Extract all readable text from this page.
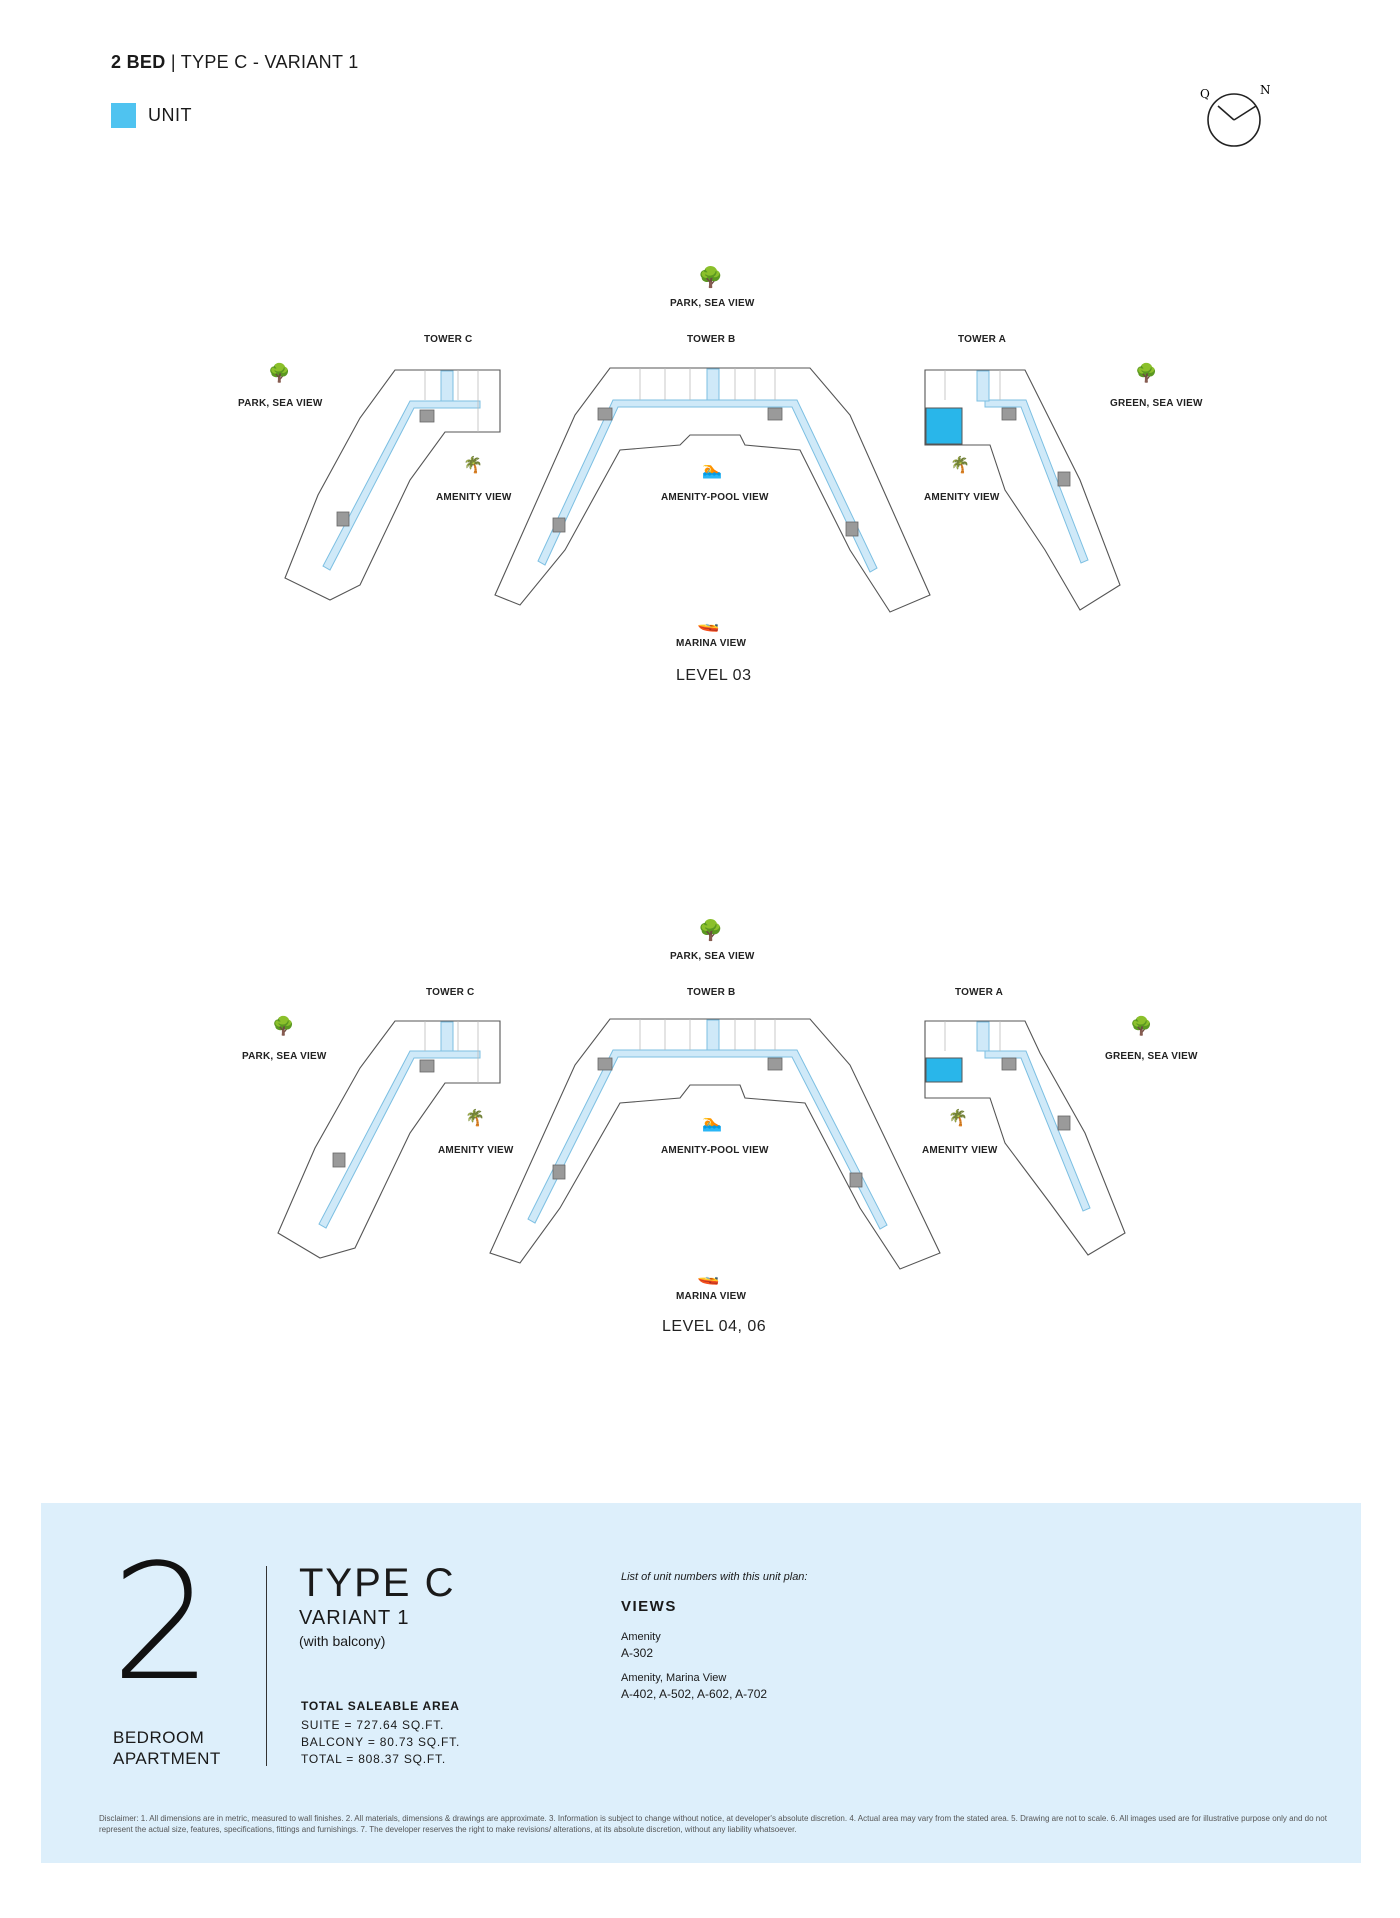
2 BED | TYPE C - VARIANT 1
UNIT
Q	N
TOWER C	TOWER B	TOWER A
🌳
PARK, SEA VIEW
🌳
PARK, SEA VIEW
🌳
GREEN, SEA VIEW
🌴
AMENITY VIEW
🏊
AMENITY-POOL VIEW
🌴
AMENITY VIEW
🚤
MARINA VIEW
LEVEL 03
TOWER C	TOWER B	TOWER A
🌳
PARK, SEA VIEW
🌳
PARK, SEA VIEW
🌳
GREEN, SEA VIEW
🌴
AMENITY VIEW
🏊
AMENITY-POOL VIEW
🌴
AMENITY VIEW
🚤
MARINA VIEW
LEVEL 04, 06
2
BEDROOM APARTMENT
TYPE C
VARIANT 1
(with balcony)
TOTAL SALEABLE AREA
SUITE = 727.64 SQ.FT.
BALCONY = 80.73 SQ.FT.
TOTAL = 808.37 SQ.FT.
List of unit numbers with this unit plan:
VIEWS
Amenity
A-302
Amenity, Marina View
A-402, A-502, A-602, A-702
Disclaimer: 1. All dimensions are in metric, measured to wall finishes. 2. All materials, dimensions & drawings are approximate. 3. Information is subject to change without notice, at developer's absolute discretion. 4. Actual area may vary from the stated area. 5. Drawing are not to scale. 6. All images used are for illustrative purpose only and do not represent the actual size, features, specifications, fittings and furnishings. 7. The developer reserves the right to make revisions/ alterations, at its absolute discretion, without any liability whatsoever.
